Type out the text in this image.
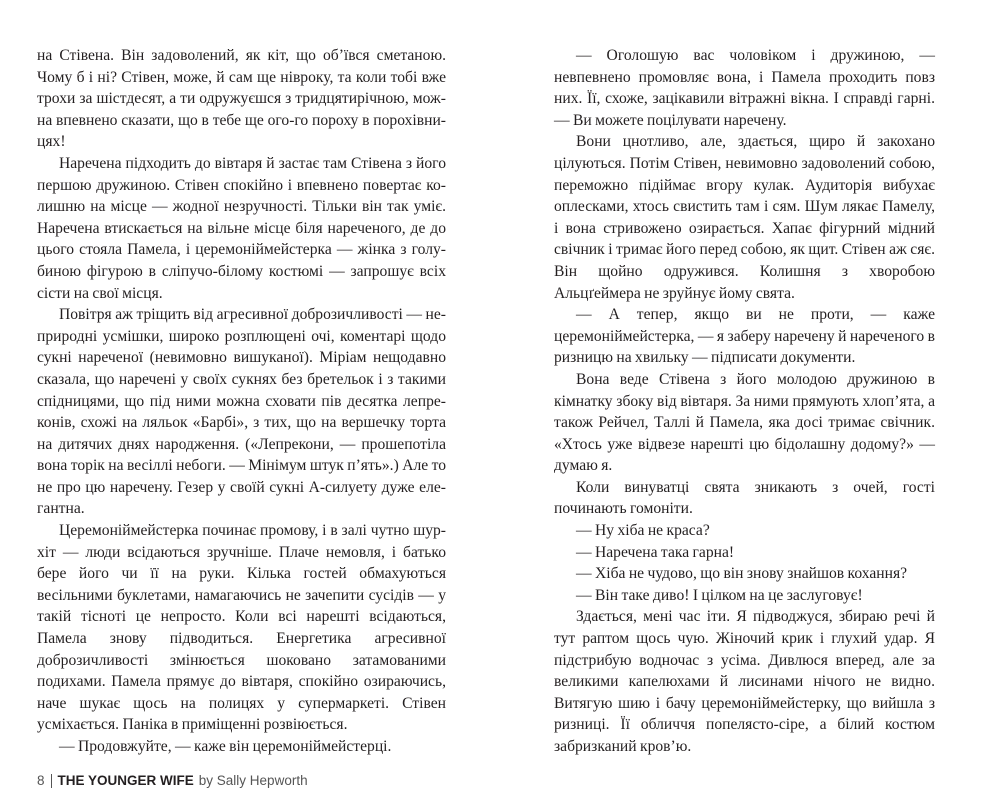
на Стівена. Він задоволений, як кіт, що об’ївся сметаною. Чому б і ні? Стівен, може, й сам ще нівроку, та коли тобі вже трохи за шістдесят, а ти одружуєшся з тридцятирічною, можна впевнено сказати, що в тебе ще ого-го пороху в порохівницях!

Наречена підходить до вівтаря й застає там Стівена з його першою дружиною. Стівен спокійно і впевнено повертає колишню на місце — жодної незручності. Тільки він так уміє. Наречена втискається на вільне місце біля нареченого, де до цього стояла Памела, і церемоніймейстерка — жінка з голубиною фігурою в сліпучо-білому костюмі — запрошує всіх сісти на свої місця.

Повітря аж тріщить від агресивної доброзичливості — неприродні усмішки, широко розплющені очі, коментарі щодо сукні нареченої (невимовно вишуканої). Міріам нещодавно сказала, що наречені у своїх сукнях без бретельок і з такими спідницями, що під ними можна сховати пів десятка лепреконів, схожі на ляльок «Барбі», з тих, що на вершечку торта на дитячих днях народження. («Лепрекони, — прошепотіла вона торік на весіллі небоги. — Мінімум штук п’ять».) Але то не про цю наречену. Гезер у своїй сукні А-силуету дуже елегантна.

Церемоніймейстерка починає промову, і в залі чутно шурхіт — люди всідаються зручніше. Плаче немовля, і батько бере його чи її на руки. Кілька гостей обмахуються весільними буклетами, намагаючись не зачепити сусідів — у такій тісноті це непросто. Коли всі нарешті всідаються, Памела знову підводиться. Енергетика агресивної доброзичливості змінюється шоковано затамованими подихами. Памела прямує до вівтаря, спокійно озираючись, наче шукає щось на полицях у супермаркеті. Стівен усміхається. Паніка в приміщенні розвіюється.

— Продовжуйте, — каже він церемоніймейстерці.

— Оголошую вас чоловіком і дружиною, — невпевнено промовляє вона, і Памела проходить повз них. Її, схоже, зацікавили вітражні вікна. І справді гарні. — Ви можете поцілувати наречену.

Вони цнотливо, але, здається, щиро й закохано цілуються. Потім Стівен, невимовно задоволений собою, переможно підіймає вгору кулак. Аудиторія вибухає оплесками, хтось свистить там і сям. Шум лякає Памелу, і вона стривожено озирається. Хапає фігурний мідний свічник і тримає його перед собою, як щит. Стівен аж сяє. Він щойно одружився. Колишня з хворобою Альцґеймера не зруйнує йому свята.

— А тепер, якщо ви не проти, — каже церемоніймейстерка, — я заберу наречену й нареченого в ризницю на хвильку — підписати документи.

Вона веде Стівена з його молодою дружиною в кімнатку збоку від вівтаря. За ними прямують хлоп’ята, а також Рейчел, Таллі й Памела, яка досі тримає свічник. «Хтось уже відвезе нарешті цю бідолашну додому?» — думаю я.

Коли винуватці свята зникають з очей, гості починають гомоніти.

— Ну хіба не краса?

— Наречена така гарна!

— Хіба не чудово, що він знову знайшов кохання?

— Він таке диво! І цілком на це заслуговує!

Здається, мені час іти. Я підводжуся, збираю речі й тут раптом щось чую. Жіночий крик і глухий удар. Я підстрибую водночас з усіма. Дивлюся вперед, але за великими капелюхами й лисинами нічого не видно. Витягую шию і бачу церемоніймейстерку, що вийшла з ризниці. Її обличчя попелясто-сіре, а білий костюм забризканий кров’ю.

8 THE YOUNGER WIFE by Sally Hepworth
